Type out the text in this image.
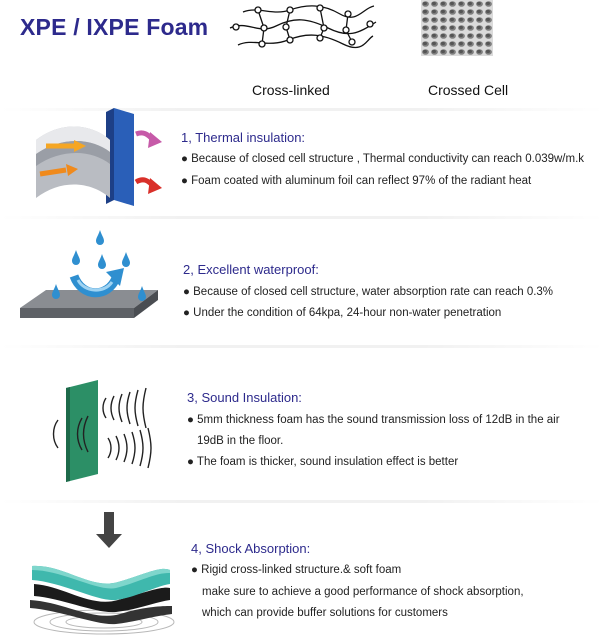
XPE / IXPE Foam
Cross-linked	Crossed Cell
1, Thermal insulation:
● Because of closed cell structure , Thermal conductivity can reach 0.039w/m.k
● Foam coated with aluminum foil can reflect 97% of the radiant heat
2, Excellent waterproof:
● Because of closed cell structure, water absorption rate can reach 0.3%
● Under the condition of 64kpa, 24-hour non-water penetration
3, Sound Insulation:
● 5mm thickness foam has the sound transmission loss of 12dB in the air
19dB in the floor.
● The foam is thicker, sound insulation effect is better
4, Shock Absorption:
● Rigid cross-linked structure.& soft foam
make sure to achieve a good performance of shock absorption,
which can provide buffer solutions for customers
